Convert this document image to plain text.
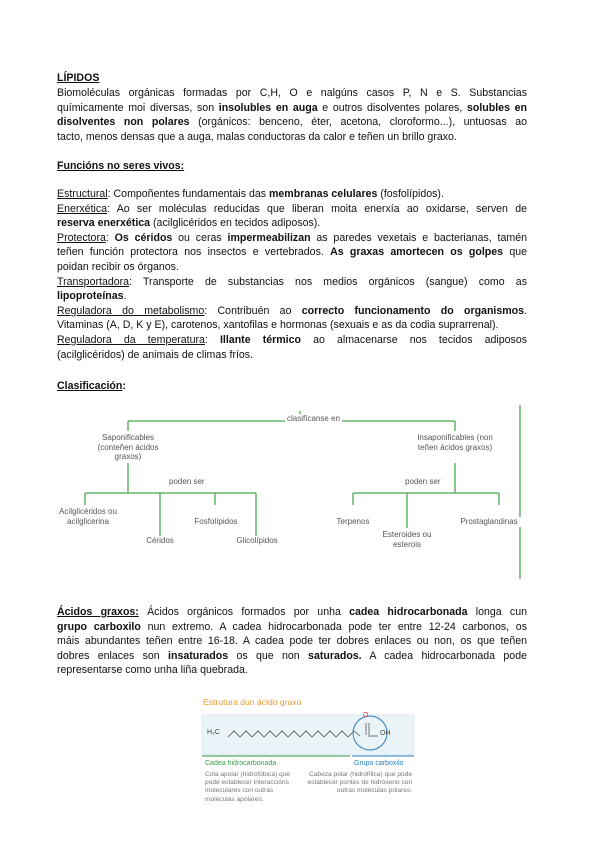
LÍPIDOS
Biomoléculas orgánicas formadas por C,H, O e nalgúns casos P, N e S. Substancias
químicamente moi diversas, son insolubles en auga e outros disolventes polares, solubles en
disolventes non polares (orgánicos: benceno, éter, acetona, cloroformo...), untuosas ao
tacto, menos densas que a auga, malas conductoras da calor e teñen un brillo graxo.
Funcións no seres vivos:
Estructural: Compoñentes fundamentais das membranas celulares (fosfolípidos).
Enerxética: Ao ser moléculas reducidas que liberan moita enerxía ao oxidarse, serven de
reserva enerxética (acilglicéridos en tecidos adiposos).
Protectora: Os céridos ou ceras impermeabilizan as paredes vexetais e bacterianas, tamén
teñen función protectora nos insectos e vertebrados. As graxas amortecen os golpes que
poidan recibir os órganos.
Transportadora: Transporte de substancias nos medios orgánicos (sangue) como as
lipoproteínas.
Reguladora do metabolismo: Contribuén ao correcto funcionamento do organismos.
Vitaminas (A, D, K y E), carotenos, xantofilas e hormonas (sexuais e as da codia suprarrenal).
Reguladora da temperatura: Illante térmico ao almacenarse nos tecidos adiposos
(acilglicéridos) de animais de climas fríos.
Clasificación:
clasifícanse en
Saponificables (conteñen ácidos graxos)
Insaponificables (non teñen ácidos graxos)
poden ser	poden ser
Acilglicéridos ou acilglicerina
Céridos
Fosfolípidos
Glicolípidos
Terpenos
Esteroides ou esterois
Prostaglandinas
Ácidos graxos: Ácidos orgánicos formados por unha cadea hidrocarbonada longa cun
grupo carboxilo nun extremo. A cadea hidrocarbonada pode ter entre 12-24 carbonos, os
máis abundantes teñen entre 16-18. A cadea pode ter dobres enlaces ou non, os que teñen
dobres enlaces son insaturados os que non saturados. A cadea hidrocarbonada pode
representarse como unha liña quebrada.
Estrutura dun ácido graxo
H₃C
O
OH
Cadea hidrocarbonada	Grupo carboxilo
Cola apolar (hidrofóbica) que pode establecer interaccións moleculares con outras moléculas apolares.
Cabeza polar (hidrofílica) que pode establecer pontes de hidróxeno con outras moléculas polares.
